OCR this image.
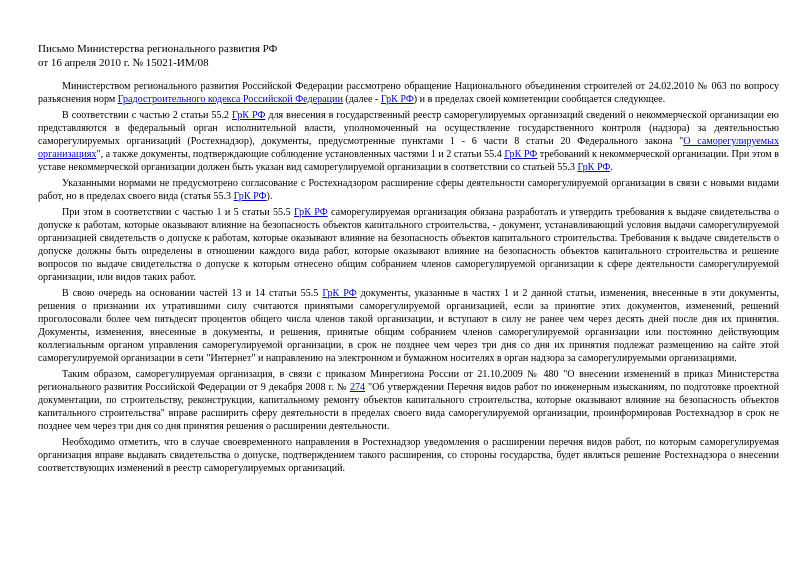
Письмо Министерства регионального развития РФ
от 16 апреля 2010 г. № 15021-ИМ/08

Министерством регионального развития Российской Федерации рассмотрено обращение Национального объединения строителей от 24.02.2010 № 063 по вопросу разъяснения норм Градостроительного кодекса Российской Федерации (далее - ГрК РФ) и в пределах своей компетенции сообщается следующее.

В соответствии с частью 2 статьи 55.2 ГрК РФ для внесения в государственный реестр саморегулируемых организаций сведений о некоммерческой организации ею представляются в федеральный орган исполнительной власти, уполномоченный на осуществление государственного контроля (надзора) за деятельностью саморегулируемых организаций (Ростехнадзор), документы, предусмотренные пунктами 1 - 6 части 8 статьи 20 Федерального закона "О саморегулируемых организациях", а также документы, подтверждающие соблюдение установленных частями 1 и 2 статьи 55.4 ГрК РФ требований к некоммерческой организации. При этом в уставе некоммерческой организации должен быть указан вид саморегулируемой организации в соответствии со статьей 55.3 ГрК РФ.

Указанными нормами не предусмотрено согласование с Ростехнадзором расширение сферы деятельности саморегулируемой организации в связи с новыми видами работ, но в пределах своего вида (статья 55.3 ГрК РФ).

При этом в соответствии с частью 1 и 5 статьи 55.5 ГрК РФ саморегулируемая организация обязана разработать и утвердить требования к выдаче свидетельства о допуске к работам, которые оказывают влияние на безопасность объектов капитального строительства, - документ, устанавливающий условия выдачи саморегулируемой организацией свидетельств о допуске к работам, которые оказывают влияние на безопасность объектов капитального строительства. Требования к выдаче свидетельств о допуске должны быть определены в отношении каждого вида работ, которые оказывают влияние на безопасность объектов капитального строительства и решение вопросов по выдаче свидетельства о допуске к которым отнесено общим собранием членов саморегулируемой организации к сфере деятельности саморегулируемой организации, или видов таких работ.

В свою очередь на основании частей 13 и 14 статьи 55.5 ГрК РФ документы, указанные в частях 1 и 2 данной статьи, изменения, внесенные в эти документы, решения о признании их утратившими силу считаются принятыми саморегулируемой организацией, если за принятие этих документов, изменений, решений проголосовали более чем пятьдесят процентов общего числа членов такой организации, и вступают в силу не ранее чем через десять дней после дня их принятия. Документы, изменения, внесенные в документы, и решения, принятые общим собранием членов саморегулируемой организации или постоянно действующим коллегиальным органом управления саморегулируемой организации, в срок не позднее чем через три дня со дня их принятия подлежат размещению на сайте этой саморегулируемой организации в сети "Интернет" и направлению на электронном и бумажном носителях в орган надзора за саморегулируемыми организациями.

Таким образом, саморегулируемая организация, в связи с приказом Минрегиона России от 21.10.2009 № 480 "О внесении изменений в приказ Министерства регионального развития Российской Федерации от 9 декабря 2008 г. № 274 "Об утверждении Перечня видов работ по инженерным изысканиям, по подготовке проектной документации, по строительству, реконструкции, капитальному ремонту объектов капитального строительства, которые оказывают влияние на безопасность объектов капитального строительства" вправе расширить сферу деятельности в пределах своего вида саморегулируемой организации, проинформировав Ростехнадзор в срок не позднее чем через три дня со дня принятия решения о расширении деятельности.

Необходимо отметить, что в случае своевременного направления в Ростехнадзор уведомления о расширении перечня видов работ, по которым саморегулируемая организация вправе выдавать свидетельства о допуске, подтверждением такого расширения, со стороны государства, будет являться решение Ростехнадзора о внесении соответствующих изменений в реестр саморегулируемых организаций.
